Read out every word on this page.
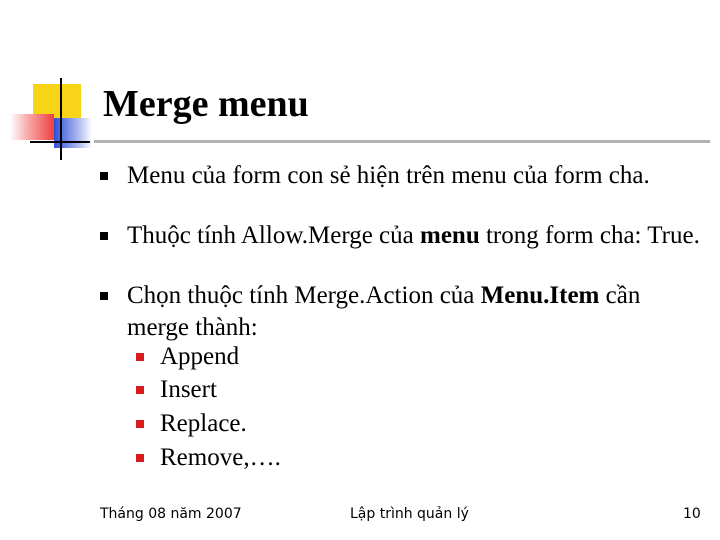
Merge menu
Menu của form con sẻ hiện trên menu của form cha.
Thuộc tính Allow.Merge của menu trong form cha: True.
Chọn thuộc tính Merge.Action của Menu.Item cần merge thành:
Append
Insert
Replace.
Remove,….
Tháng 08 năm 2007	Lập trình quản lý	10
